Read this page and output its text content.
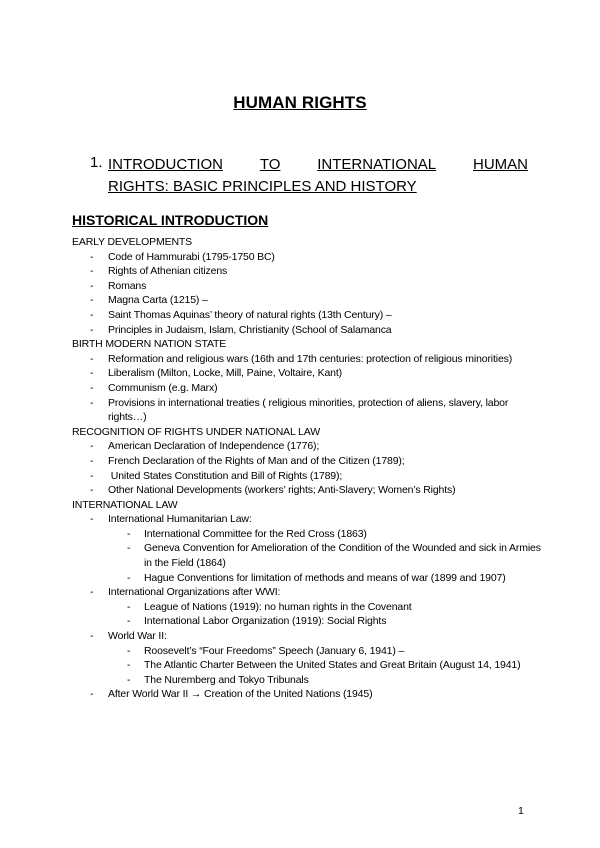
HUMAN RIGHTS
1. INTRODUCTION TO INTERNATIONAL HUMAN
RIGHTS: BASIC PRINCIPLES AND HISTORY
HISTORICAL INTRODUCTION
EARLY DEVELOPMENTS
- Code of Hammurabi (1795-1750 BC)
- Rights of Athenian citizens
- Romans
- Magna Carta (1215) –
- Saint Thomas Aquinas’ theory of natural rights (13th Century) –
- Principles in Judaism, Islam, Christianity (School of Salamanca
BIRTH MODERN NATION STATE
- Reformation and religious wars (16th and 17th centuries: protection of religious minorities)
- Liberalism (Milton, Locke, Mill, Paine, Voltaire, Kant)
- Communism (e.g. Marx)
- Provisions in international treaties ( religious minorities, protection of aliens, slavery, labor rights…)
RECOGNITION OF RIGHTS UNDER NATIONAL LAW
- American Declaration of Independence (1776);
- French Declaration of the Rights of Man and of the Citizen (1789);
- United States Constitution and Bill of Rights (1789);
- Other National Developments (workers’ rights; Anti-Slavery; Women’s Rights)
INTERNATIONAL LAW
- International Humanitarian Law:
- International Committee for the Red Cross (1863)
- Geneva Convention for Amelioration of the Condition of the Wounded and sick in Armies in the Field (1864)
- Hague Conventions for limitation of methods and means of war (1899 and 1907)
- International Organizations after WWI:
- League of Nations (1919): no human rights in the Covenant
- International Labor Organization (1919): Social Rights
- World War II:
- Roosevelt’s “Four Freedoms” Speech (January 6, 1941) –
- The Atlantic Charter Between the United States and Great Britain (August 14, 1941)
- The Nuremberg and Tokyo Tribunals
- After World War II → Creation of the United Nations (1945)
1
